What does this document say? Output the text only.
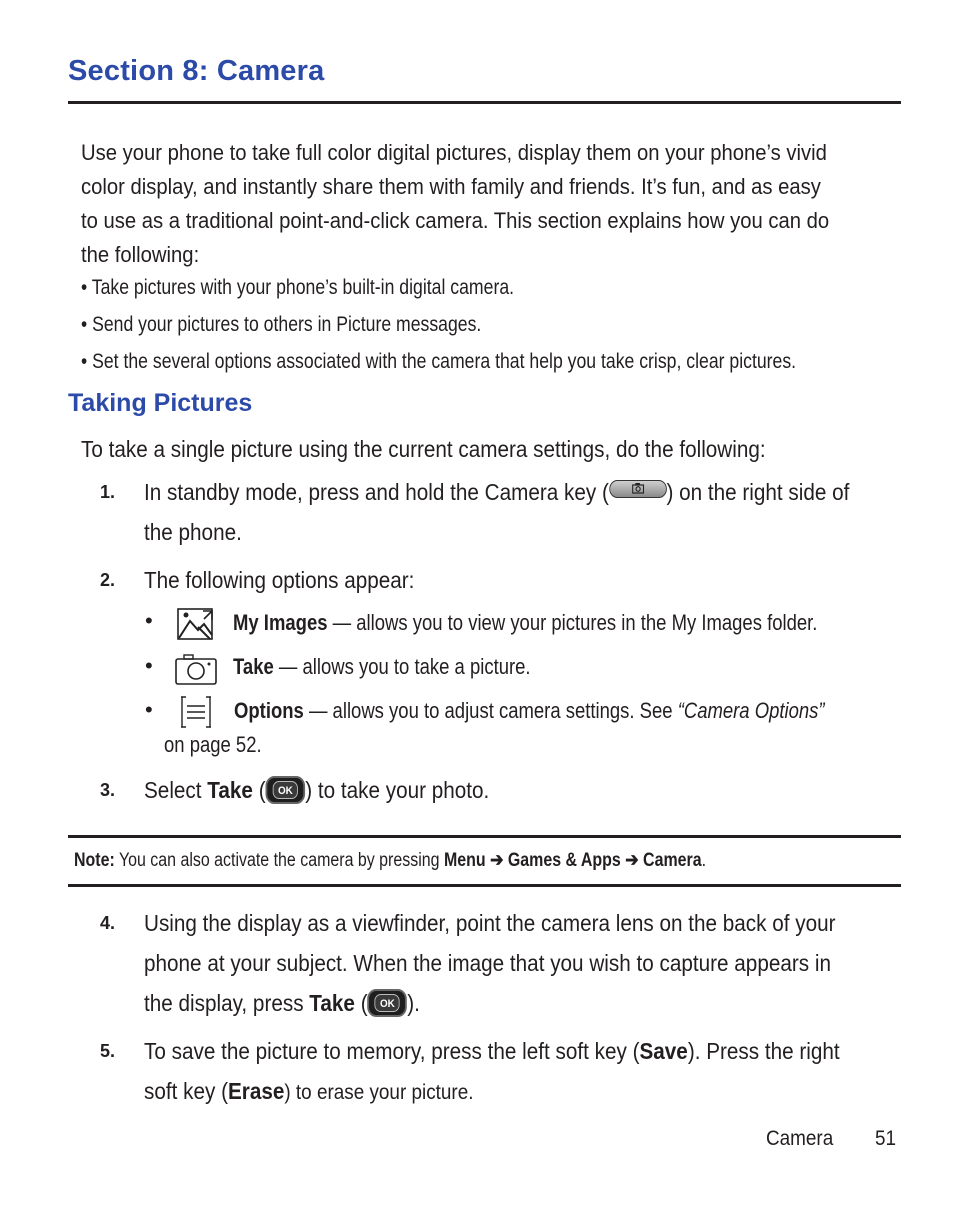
Section 8: Camera
Use your phone to take full color digital pictures, display them on your phone’s vivid
color display, and instantly share them with family and friends. It’s fun, and as easy
to use as a traditional point-and-click camera. This section explains how you can do
the following:
• Take pictures with your phone’s built-in digital camera.
• Send your pictures to others in Picture messages.
• Set the several options associated with the camera that help you take crisp, clear pictures.
Taking Pictures
To take a single picture using the current camera settings, do the following:
1. In standby mode, press and hold the Camera key (	) on the right side of
the phone.
2. The following options appear:
•	My Images — allows you to view your pictures in the My Images folder.
•	Take — allows you to take a picture.
•	Options — allows you to adjust camera settings. See “Camera Options”
on page 52.
3. Select Take (	OK ) to take your photo.
Note: You can also activate the camera by pressing Menu ➔ Games & Apps ➔ Camera.
4. Using the display as a viewfinder, point the camera lens on the back of your
phone at your subject. When the image that you wish to capture appears in
the display, press Take (	OK ).
5. To save the picture to memory, press the left soft key (Save). Press the right
soft key (Erase) to erase your picture.
Camera 51
